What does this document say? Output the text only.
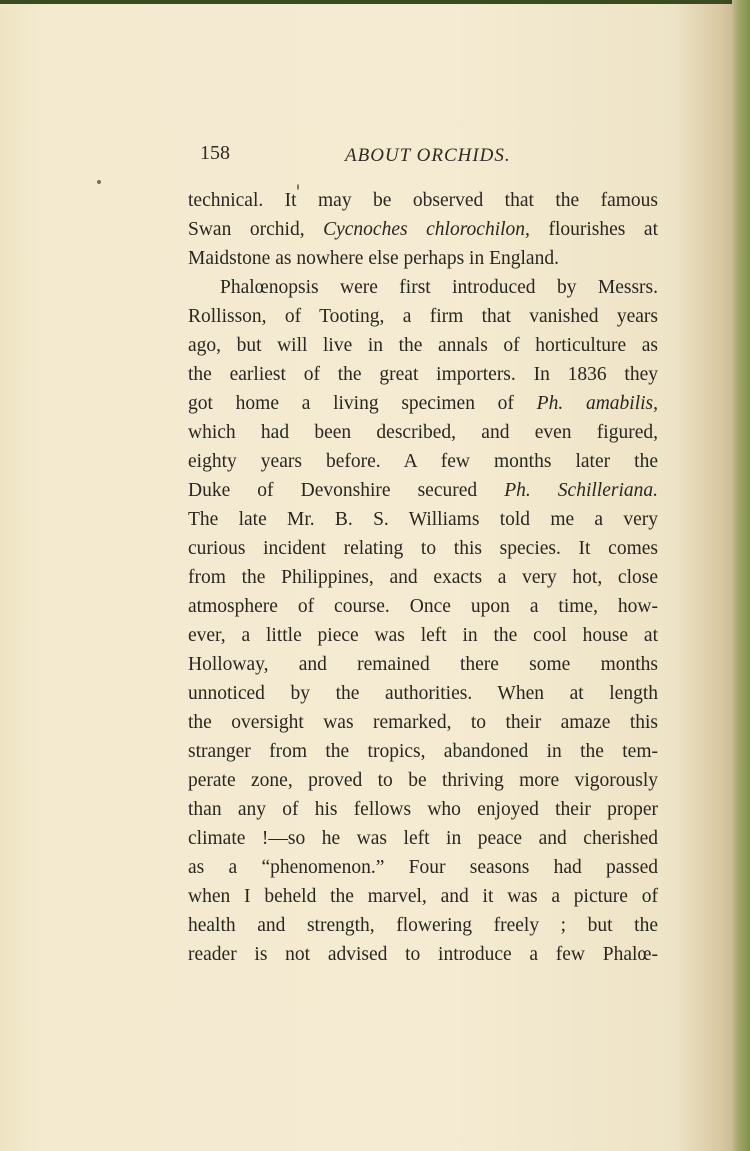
158	ABOUT ORCHIDS.
technical. It may be observed that the famous
Swan orchid, Cycnoches chlorochilon, flourishes at
Maidstone as nowhere else perhaps in England.
Phalœnopsis were first introduced by Messrs.
Rollisson, of Tooting, a firm that vanished years
ago, but will live in the annals of horticulture as
the earliest of the great importers. In 1836 they
got home a living specimen of Ph. amabilis,
which had been described, and even figured,
eighty years before. A few months later the
Duke of Devonshire secured Ph. Schilleriana.
The late Mr. B. S. Williams told me a very
curious incident relating to this species. It comes
from the Philippines, and exacts a very hot, close
atmosphere of course. Once upon a time, how-
ever, a little piece was left in the cool house at
Holloway, and remained there some months
unnoticed by the authorities. When at length
the oversight was remarked, to their amaze this
stranger from the tropics, abandoned in the tem-
perate zone, proved to be thriving more vigorously
than any of his fellows who enjoyed their proper
climate !—so he was left in peace and cherished
as a “phenomenon.” Four seasons had passed
when I beheld the marvel, and it was a picture of
health and strength, flowering freely ; but the
reader is not advised to introduce a few Phalœ-
